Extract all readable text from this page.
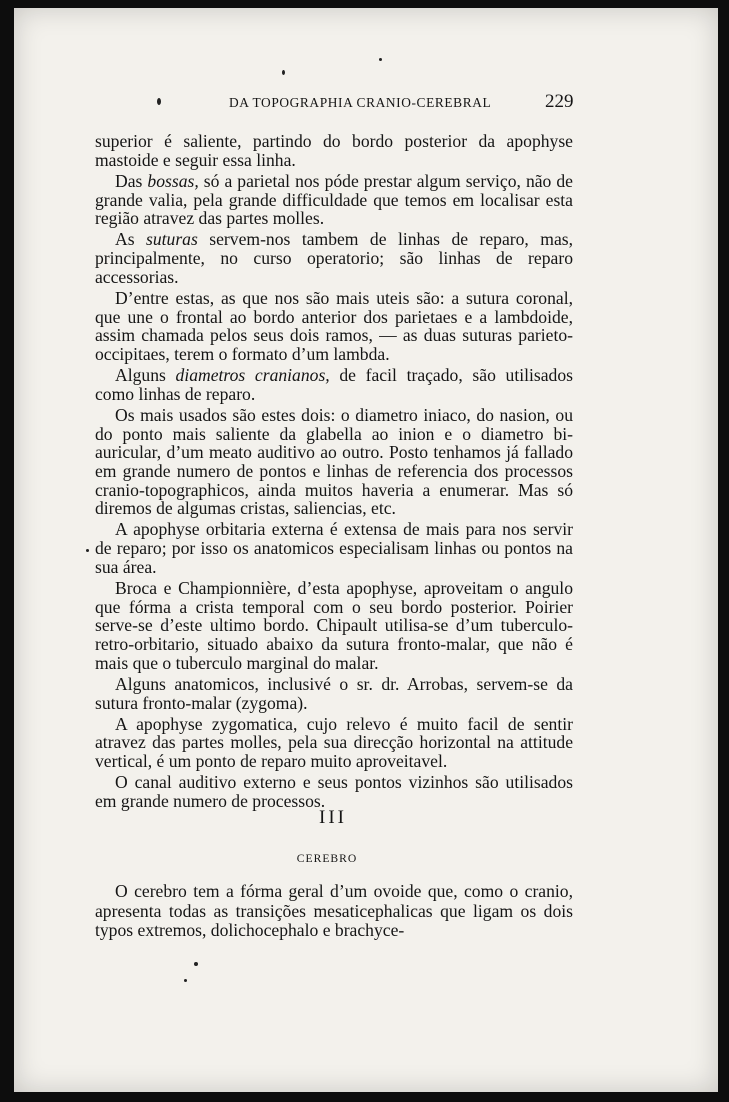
DA TOPOGRAPHIA CRANIO-CEREBRAL	229

superior é saliente, partindo do bordo posterior da apophyse mastoide e seguir essa linha.

Das bossas, só a parietal nos póde prestar algum serviço, não de grande valia, pela grande difficuldade que temos em localisar esta região atravez das partes molles.

As suturas servem-nos tambem de linhas de reparo, mas, principalmente, no curso operatorio; são linhas de reparo accessorias.

D’entre estas, as que nos são mais uteis são: a sutura coronal, que une o frontal ao bordo anterior dos parietaes e a lambdoide, assim chamada pelos seus dois ramos, — as duas suturas parieto-occipitaes, terem o formato d’um lambda.

Alguns diametros cranianos, de facil traçado, são utilisados como linhas de reparo.

Os mais usados são estes dois: o diametro iniaco, do nasion, ou do ponto mais saliente da glabella ao inion e o diametro bi-auricular, d’um meato auditivo ao outro. Posto tenhamos já fallado em grande numero de pontos e linhas de referencia dos processos cranio-topographicos, ainda muitos haveria a enumerar. Mas só diremos de algumas cristas, saliencias, etc.

A apophyse orbitaria externa é extensa de mais para nos servir de reparo; por isso os anatomicos especialisam linhas ou pontos na sua área.

Broca e Championnière, d’esta apophyse, aproveitam o angulo que fórma a crista temporal com o seu bordo posterior. Poirier serve-se d’este ultimo bordo. Chipault utilisa-se d’um tuberculo-retro-orbitario, situado abaixo da sutura fronto-malar, que não é mais que o tuberculo marginal do malar.

Alguns anatomicos, inclusivé o sr. dr. Arrobas, servem-se da sutura fronto-malar (zygoma).

A apophyse zygomatica, cujo relevo é muito facil de sentir atravez das partes molles, pela sua direcção horizontal na attitude vertical, é um ponto de reparo muito aproveitavel.

O canal auditivo externo e seus pontos vizinhos são utilisados em grande numero de processos.

III
CEREBRO

O cerebro tem a fórma geral d’um ovoide que, como o cranio, apresenta todas as transições mesaticephalicas que ligam os dois typos extremos, dolichocephalo e brachyce-
